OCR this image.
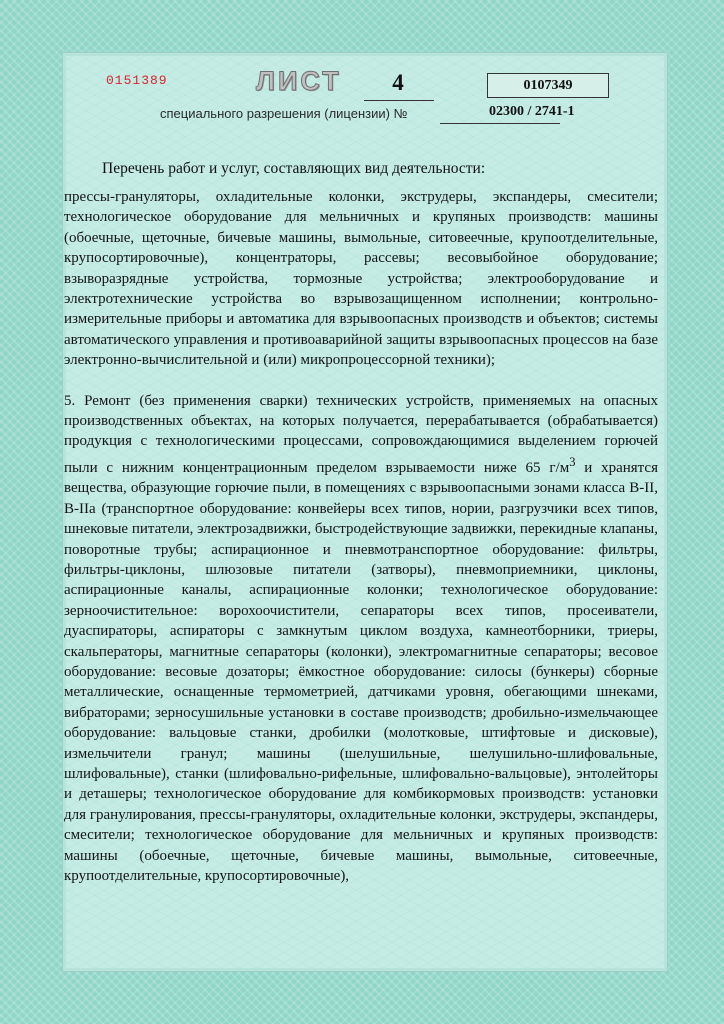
0151389	ЛИСТ	4	0107349
специального разрешения (лицензии) №	02300 / 2741-1
Перечень работ и услуг, составляющих вид деятельности:

прессы-грануляторы, охладительные колонки, экструдеры, экспандеры, смесители; технологическое оборудование для мельничных и крупяных производств: машины (обоечные, щеточные, бичевые машины, вымольные, ситовеечные, крупоотделительные, крупосортировочные), концентраторы, рассевы; весовыбойное оборудование; взыворазрядные устройства, тормозные устройства; электрооборудование и электротехнические устройства во взрывозащищенном исполнении; контрольно-измерительные приборы и автоматика для взрывоопасных производств и объектов; системы автоматического управления и противоаварийной защиты взрывоопасных процессов на базе электронно-вычислительной и (или) микропроцессорной техники);

5. Ремонт (без применения сварки) технических устройств, применяемых на опасных производственных объектах, на которых получается, перерабатывается (обрабатывается) продукция с технологическими процессами, сопровождающимися выделением горючей пыли с нижним концентрационным пределом взрываемости ниже 65 $г/м^3$ и хранятся вещества, образующие горючие пыли, в помещениях с взрывоопасными зонами класса В-II, В-IIа (транспортное оборудование: конвейеры всех типов, нории, разгрузчики всех типов, шнековые питатели, электрозадвижки, быстродействующие задвижки, перекидные клапаны, поворотные трубы; аспирационное и пневмотранспортное оборудование: фильтры, фильтры-циклоны, шлюзовые питатели (затворы), пневмоприемники, циклоны, аспирационные каналы, аспирационные колонки; технологическое оборудование: зерноочистительное: ворохоочистители, сепараторы всех типов, просеиватели, дуаспираторы, аспираторы с замкнутым циклом воздуха, камнеотборники, триеры, скальператоры, магнитные сепараторы (колонки), электромагнитные сепараторы; весовое оборудование: весовые дозаторы; ёмкостное оборудование: силосы (бункеры) сборные металлические, оснащенные термометрией, датчиками уровня, обегающими шнеками, вибраторами; зерносушильные установки в составе производств; дробильно-измельчающее оборудование: вальцовые станки, дробилки (молотковые, штифтовые и дисковые), измельчители гранул; машины (шелушильные, шелушильно-шлифовальные, шлифовальные), станки (шлифовально-рифельные, шлифовально-вальцовые), энтолейторы и деташеры; технологическое оборудование для комбикормовых производств: установки для гранулирования, прессы-грануляторы, охладительные колонки, экструдеры, экспандеры, смесители; технологическое оборудование для мельничных и крупяных производств: машины (обоечные, щеточные, бичевые машины, вымольные, ситовеечные, крупоотделительные, крупосортировочные),
